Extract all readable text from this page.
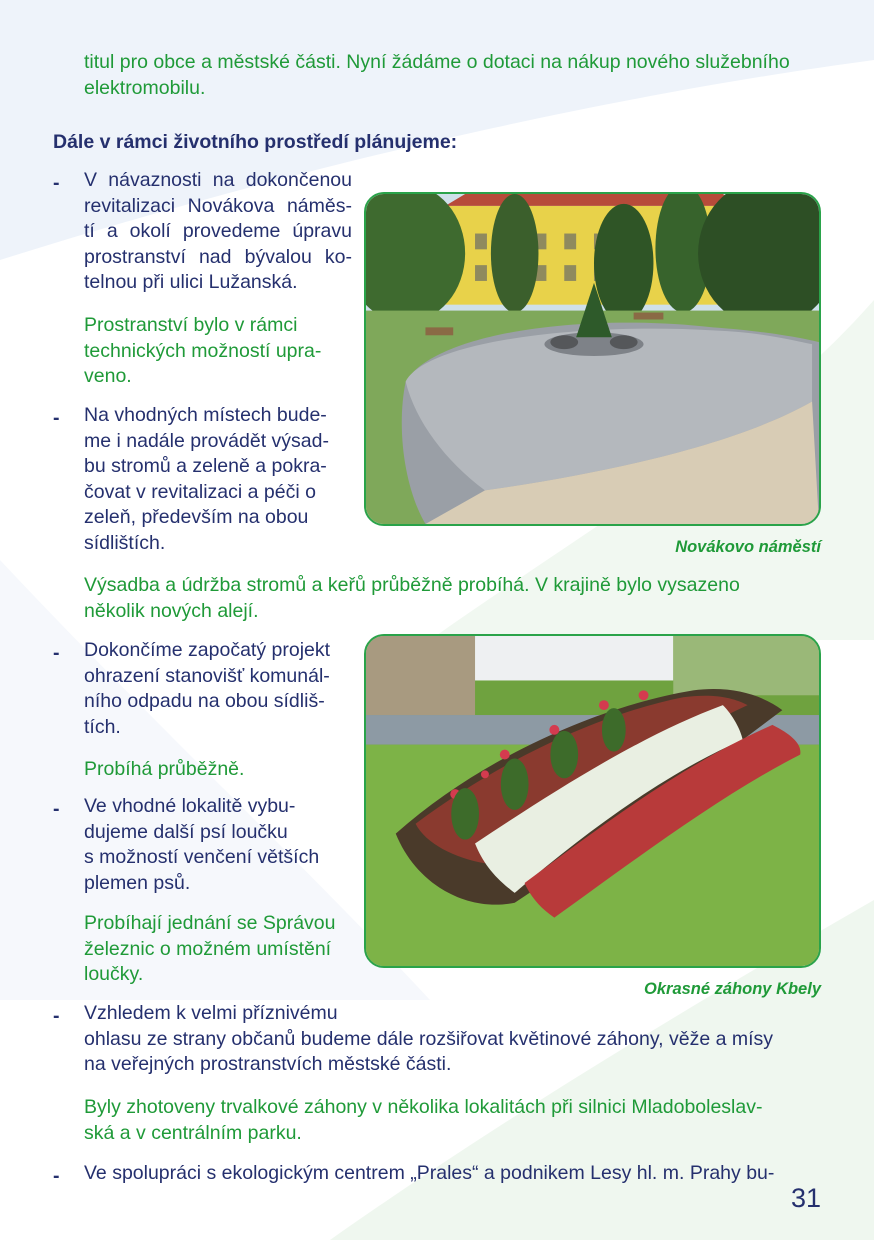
titul pro obce a městské části. Nyní žádáme o dotaci na nákup nového služebního
elektromobilu.

Dále v rámci životního prostředí plánujeme:

- V návaznosti na dokončenou
revitalizaci Novákova náměs-
tí a okolí provedeme úpravu
prostranství nad bývalou ko-
telnou při ulici Lužanská.

Prostranství bylo v rámci
technických možností upra-
veno.

- Na vhodných místech bude-
me i nadále provádět výsad-
bu stromů a zeleně a pokra-
čovat v revitalizaci a péči o
zeleň, především na obou
sídlištích.

Výsadba a údržba stromů a keřů průběžně probíhá. V krajině bylo vysazeno
několik nových alejí.

- Dokončíme započatý projekt
ohrazení stanovišť komunál-
ního odpadu na obou sídliš-
tích.

Probíhá průběžně.

- Ve vhodné lokalitě vybu-
dujeme další psí loučku
s možností venčení větších
plemen psů.

Probíhají jednání se Správou
železnic o možném umístění
loučky.

- Vzhledem k velmi příznivému
ohlasu ze strany občanů budeme dále rozšiřovat květinové záhony, věže a mísy
na veřejných prostranstvích městské části.

Byly zhotoveny trvalkové záhony v několika lokalitách při silnici Mladoboleslav-
ská a v centrálním parku.

- Ve spolupráci s ekologickým centrem „Prales“ a podnikem Lesy hl. m. Prahy bu-

Novákovo náměstí
Okrasné záhony Kbely
31
